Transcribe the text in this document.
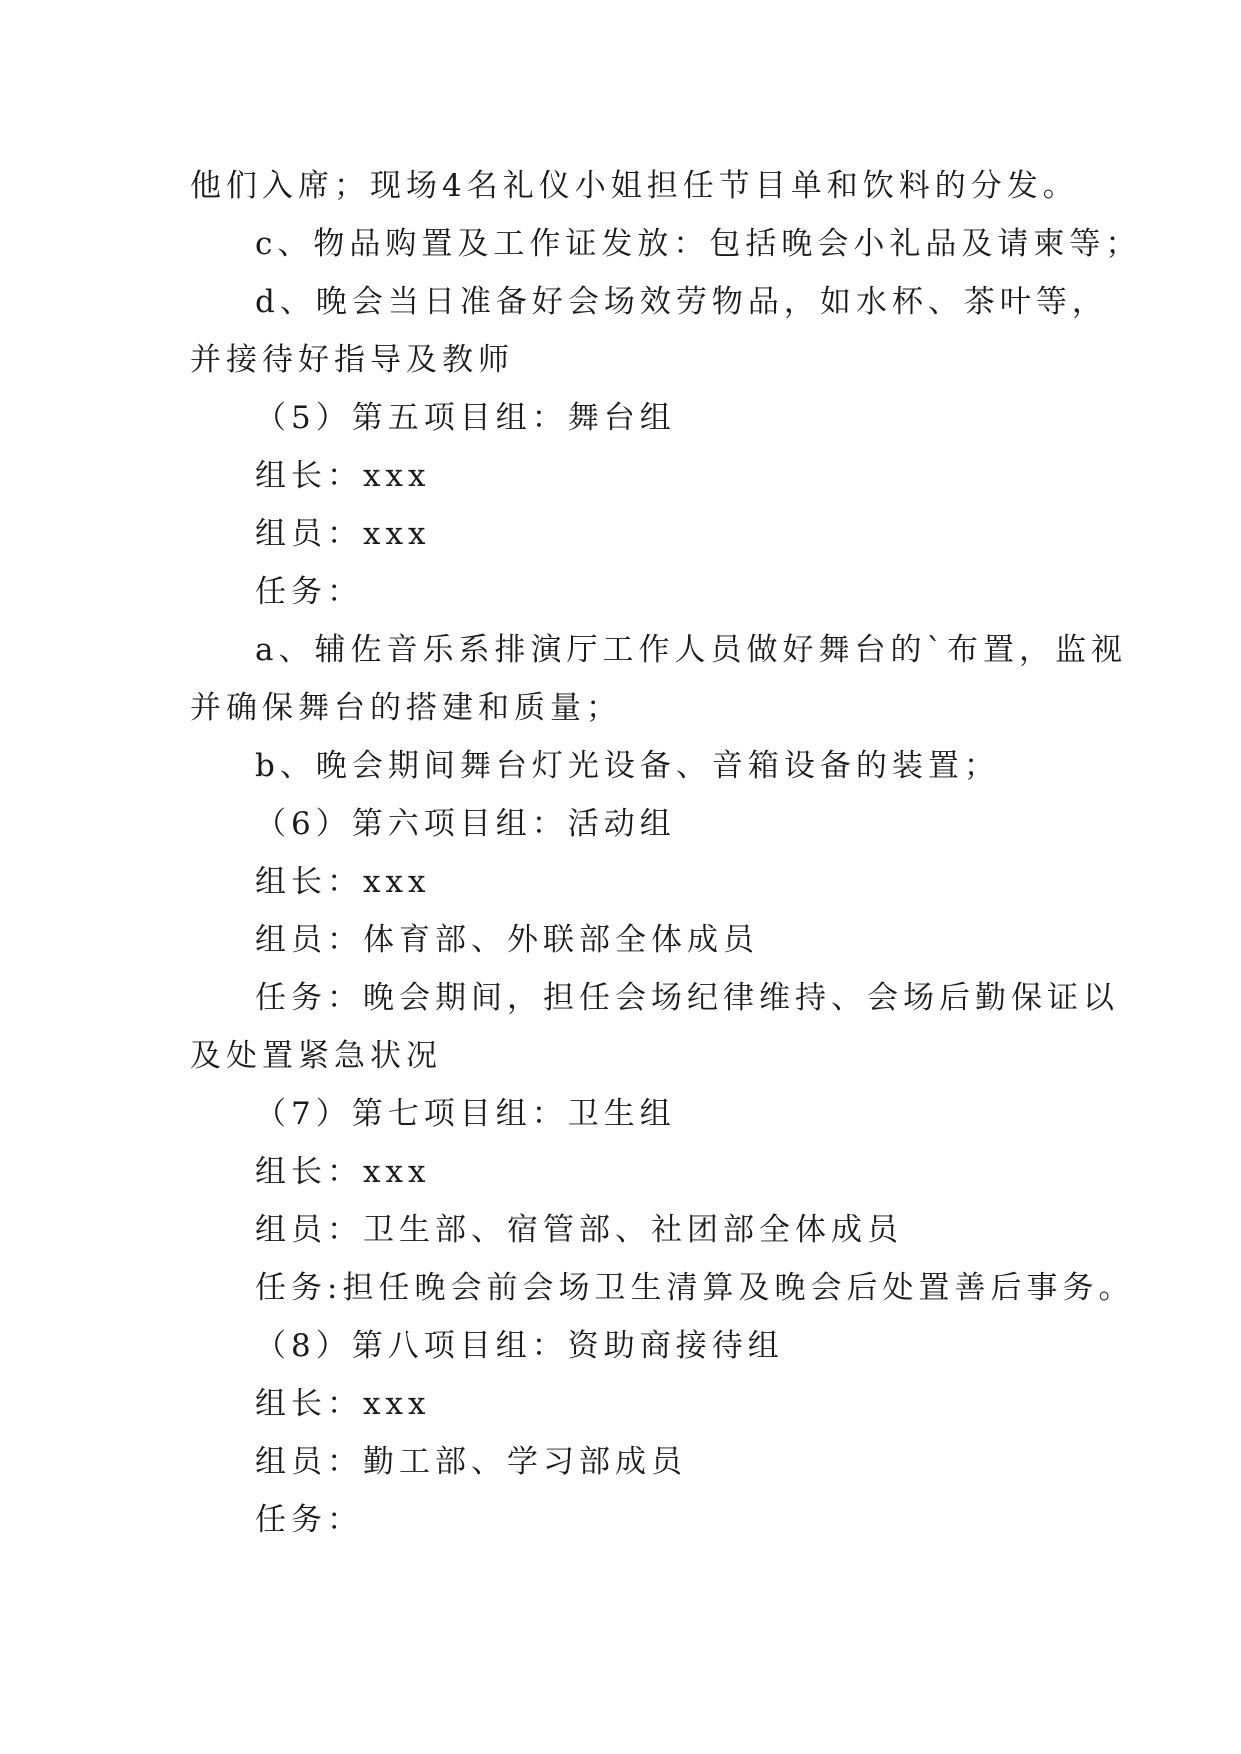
他们入席；现场4名礼仪小姐担任节目单和饮料的分发。
c、物品购置及工作证发放：包括晚会小礼品及请柬等；
d、晚会当日准备好会场效劳物品，如水杯、茶叶等，
并接待好指导及教师
（5）第五项目组：舞台组
组长：xxx
组员：xxx
任务：
a、辅佐音乐系排演厅工作人员做好舞台的`布置，监视
并确保舞台的搭建和质量；
b、晚会期间舞台灯光设备、音箱设备的装置；
（6）第六项目组：活动组
组长：xxx
组员：体育部、外联部全体成员
任务：晚会期间，担任会场纪律维持、会场后勤保证以
及处置紧急状况
（7）第七项目组：卫生组
组长：xxx
组员：卫生部、宿管部、社团部全体成员
任务:担任晚会前会场卫生清算及晚会后处置善后事务。
（8）第八项目组：资助商接待组
组长：xxx
组员：勤工部、学习部成员
任务：
